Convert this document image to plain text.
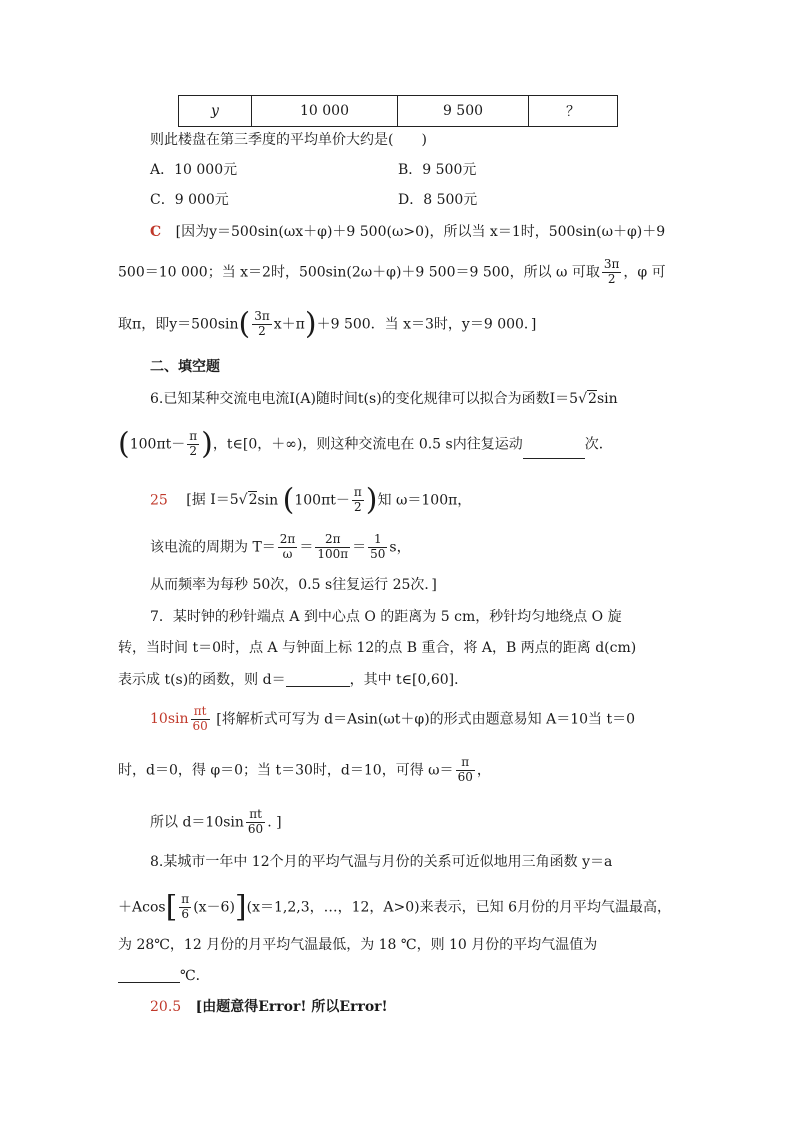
y	10 000	9 500	？
则此楼盘在第三季度的平均单价大约是(　　)
A．10 000元	B．9 500元
C．9 000元	D．8 500元
C [因为y＝500sin(ωx＋φ)＋9 500(ω>0)，所以当 x＝1时，500sin(ω＋φ)＋9
500＝10 000；当 x＝2时，500sin(2ω＋φ)＋9 500＝9 500，所以 ω 可取 $\frac{3\pi}{2}$ ，φ 可
取π，即$y=500\sin( \frac{3\pi}{2} x+\pi)+9$ 500．当 x＝3时，y＝9 000．]
二、填空题
6.已知某种交流电电流I(A)随时间t(s)的变化规律可以拟合为函数I＝5√2sin
($100\pi t- \frac{\pi}{2}$ )，t∈[0，＋∞)，则这种交流电在 0.5 s内往复运动	次．
25 [据 I＝5√2sin ($100\pi t- \frac{\pi}{2}$ )知 ω＝100π，
该电流的周期为 $T= \frac{2\pi}{\omega} = \frac{2\pi}{100\pi} = \frac{1}{50}$ s，
从而频率为每秒 50次，0.5 s往复运行 25次．]
7．某时钟的秒针端点 A 到中心点 O 的距离为 5 cm，秒针均匀地绕点 O 旋
转，当时间 t＝0时，点 A 与钟面上标 12的点 B 重合，将 A，B 两点的距离 d(cm)
表示成 t(s)的函数，则 d＝	，其中 t∈[0,60]．
$10\sin \frac{\pi t}{60}$ [将解析式可写为 d＝Asin(ωt＋φ)的形式由题意易知 A＝10当 t＝0
时，d＝0，得 φ＝0；当 t＝30时，d＝10，可得 $\omega= \frac{\pi}{60}$ ，
所以 $d=10\sin \frac{\pi t}{60}$ . ]
8.某城市一年中 12个月的平均气温与月份的关系可近似地用三角函数 y＝a
$+Acos[ \frac{\pi}{6} (x-6)](x=1,2,3$，…，12，A>0)来表示，已知 6月份的月平均气温最高，
为 28℃，12 月份的月平均气温最低，为 18 ℃，则 10 月份的平均气温值为
℃．
20.5 [由题意得Error! 所以Error!
